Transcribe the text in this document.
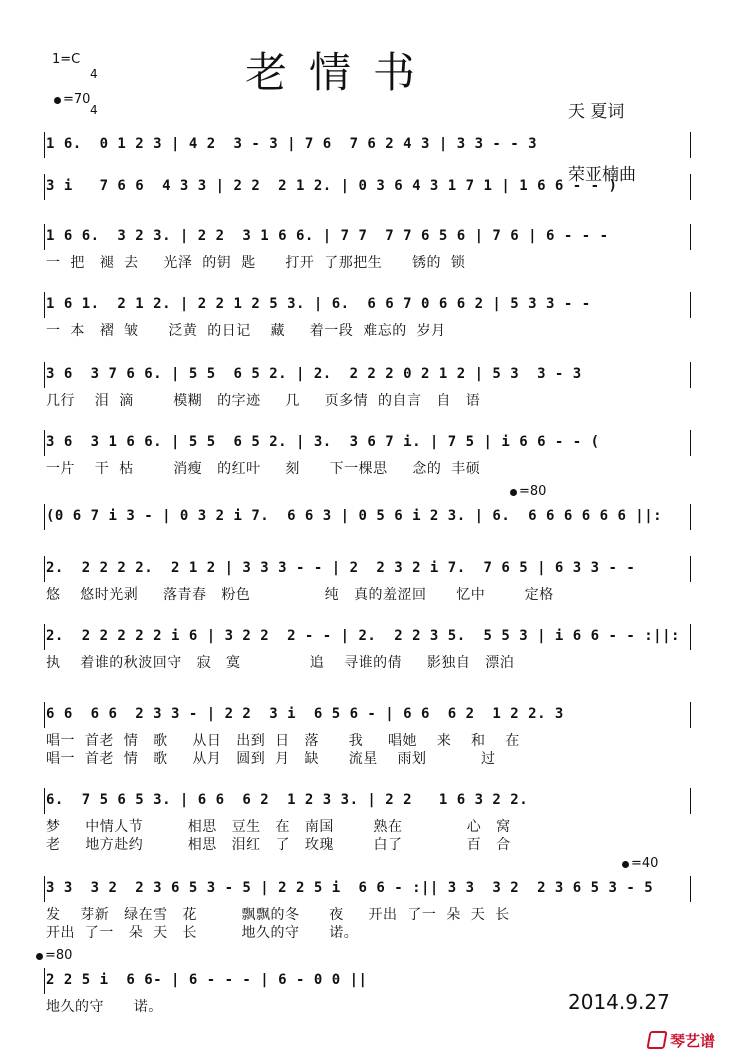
1=C

4

4

=70
老情书

天 夏词

荣亚楠曲

1 6.  0 1 2 3 | 4 2  3 - 3 | 7 6  7 6 2 4 3 | 3 3 - - 3
3 i   7 6 6  4 3 3 | 2 2  2 1 2. | 0 3 6 4 3 1 7 1 | 1 6 6 - - )
1 6 6.  3 2 3. | 2 2  3 1 6 6. | 7 7  7 7 6 5 6 | 7 6 | 6 - - -
一  把   褪  去     光泽  的钥  匙      打开  了那把生      锈的  锁
1 6 1.  2 1 2. | 2 2 1 2 5 3. | 6.  6 6 7 0 6 6 2 | 5 3 3 - -
一  本   褶  皱      泛黄  的日记    藏     着一段  难忘的  岁月
3 6  3 7 6 6. | 5 5  6 5 2. | 2.  2 2 2 0 2 1 2 | 5 3  3 - 3
几行    泪  滴        模糊   的字迹     几     页多情  的自言   自   语
3 6  3 1 6 6. | 5 5  6 5 2. | 3.  3 6 7 i. | 7 5 | i 6 6 - - (
一片    干  枯        消瘦   的红叶     刻      下一棵思     念的  丰硕
(0 6 7 i 3 - | 0 3 2 i 7.  6 6 3 | 0 5 6 i 2 3. | 6.  6 6 6 6 6 6 ||:
=80
2.  2 2 2 2.  2 1 2 | 3 3 3 - - | 2  2 3 2 i 7.  7 6 5 | 6 3 3 - -
悠    悠时光剥     落青春   粉色               纯   真的羞涩回      忆中        定格
2.  2 2 2 2 2 i 6 | 3 2 2  2 - - | 2.  2 2 3 5.  5 5 3 | i 6 6 - - :||:
执    着谁的秋波回守   寂   寞              追    寻谁的倩     影独自   漂泊
6 6  6 6  2 3 3 - | 2 2  3 i  6 5 6 - | 6 6  6 2  1 2 2. 3
唱一  首老  情   歌     从日   出到  日   落      我     唱她    来    和    在
唱一  首老  情   歌     从月   圆到  月   缺      流星    雨划           过
6.  7 5 6 5 3. | 6 6  6 2  1 2 3 3. | 2 2   1 6 3 2 2.
梦     中情人节         相思   豆生   在   南国        熟在             心   窝
老     地方赴约         相思   泪红   了   玫瑰        白了             百   合
3 3  3 2  2 3 6 5 3 - 5 | 2 2 5 i  6 6 - :|| 3 3  3 2  2 3 6 5 3 - 5
发    芽新   绿在雪   花         飘飘的冬      夜     开出  了一  朵  天  长
开出  了一   朵  天   长         地久的守      诺。
=40
2 2 5 i  6 6- | 6 - - - | 6 - 0 0 ||
地久的守      诺。
=80
2014.9.27
琴艺谱
